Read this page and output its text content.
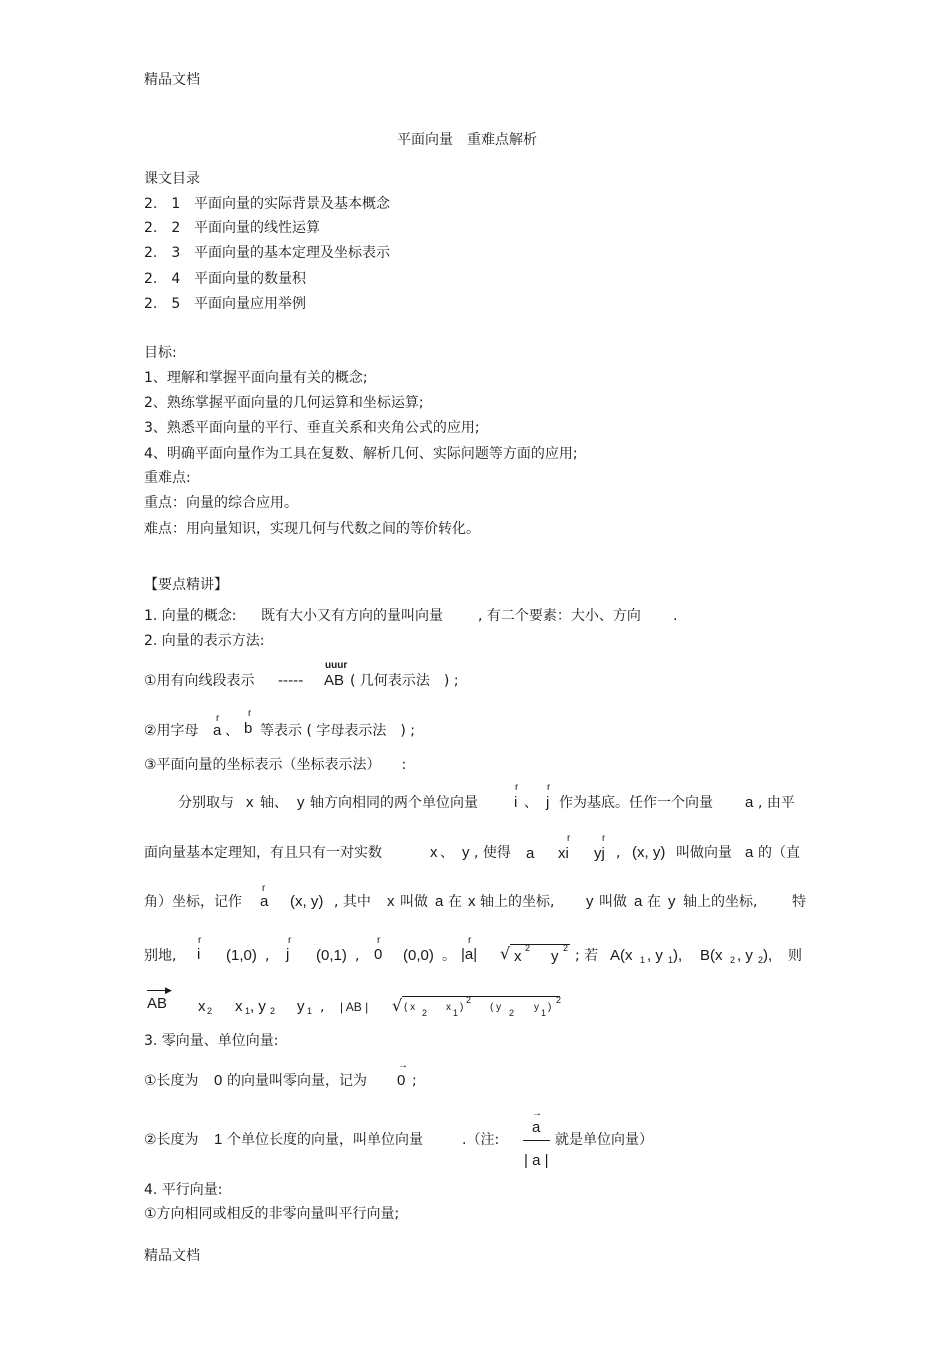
精品文档
精品文档
平面向量　重难点解析
课文目录
2.　1 平面向量的实际背景及基本概念
2.　2 平面向量的线性运算
2.　3 平面向量的基本定理及坐标表示
2.　4 平面向量的数量积
2.　5 平面向量应用举例
目标:
1、理解和掌握平面向量有关的概念;
2、熟练掌握平面向量的几何运算和坐标运算;
3、熟悉平面向量的平行、垂直关系和夹角公式的应用;
4、明确平面向量作为工具在复数、解析几何、实际问题等方面的应用;
重难点:
重点：向量的综合应用。
难点：用向量知识，实现几何与代数之间的等价转化。
【要点精讲】
1. 向量的概念: 既有大小又有方向的量叫向量	, 有二个要素：大小、方向 .
2. 向量的表示方法:
①用有向线段表示 -----
uuur
AB ( 几何表示法　) ;
②用字母
r
a 、
r
b 等表示 ( 字母表示法　) ;
③平面向量的坐标表示（坐标表示法）　　:
分别取与 x 轴、 y 轴方向相同的两个单位向量
r
i 、
r
j 作为基底。任作一个向量 a , 由平
面向量基本定理知，有且只有一对实数	x 、 y , 使得 a
r
xi
r
yj , (x, y) 叫做向量 a 的（直
角）坐标，记作
r
a (x, y) , 其中 x 叫做 a 在 x 轴上的坐标, y 叫做 a 在 y 轴上的坐标, 特
别地,
r
i (1,0) ,
r
j (0,1) ,
r
0 (0,0) 。
r
|a| √ x 2 y 2 ; 若 A(x 1 , y 1 ), B(x 2 , y 2 ), 则
▶
AB x 2 x 1 , y 2 y 1 , | AB | √ ( x 2 x 1 )
2
( y 2 y 1 )
2
3. 零向量、单位向量:
①长度为 0 的向量叫零向量，记为
→
0 ;
②长度为 1 个单位长度的向量，叫单位向量	.（注:
→
a
| a |
就是单位向量）
4. 平行向量:
①方向相同或相反的非零向量叫平行向量;
